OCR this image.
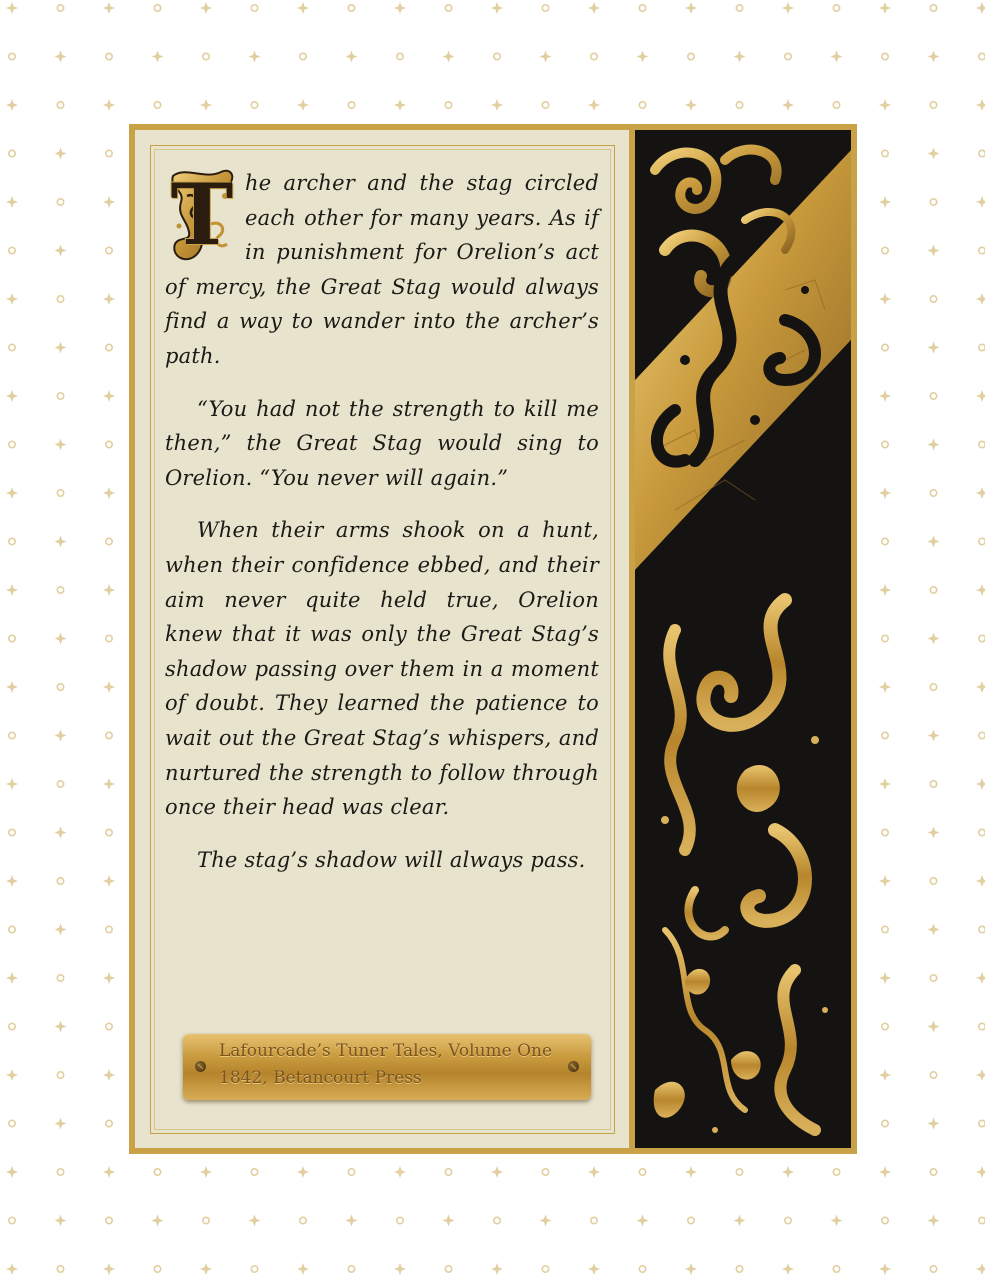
T he archer and the stag circled each other for many years. As if in punishment for Orelion’s act of mercy, the Great Stag would always find a way to wander into the archer’s path.

“You had not the strength to kill me then,” the Great Stag would sing to Orelion. “You never will again.”

When their arms shook on a hunt, when their confidence ebbed, and their aim never quite held true, Orelion knew that it was only the Great Stag’s shadow passing over them in a moment of doubt. They learned the patience to wait out the Great Stag’s whispers, and nurtured the strength to follow through once their head was clear.

The stag’s shadow will always pass.

Lafourcade’s Tuner Tales, Volume One
1842, Betancourt Press
